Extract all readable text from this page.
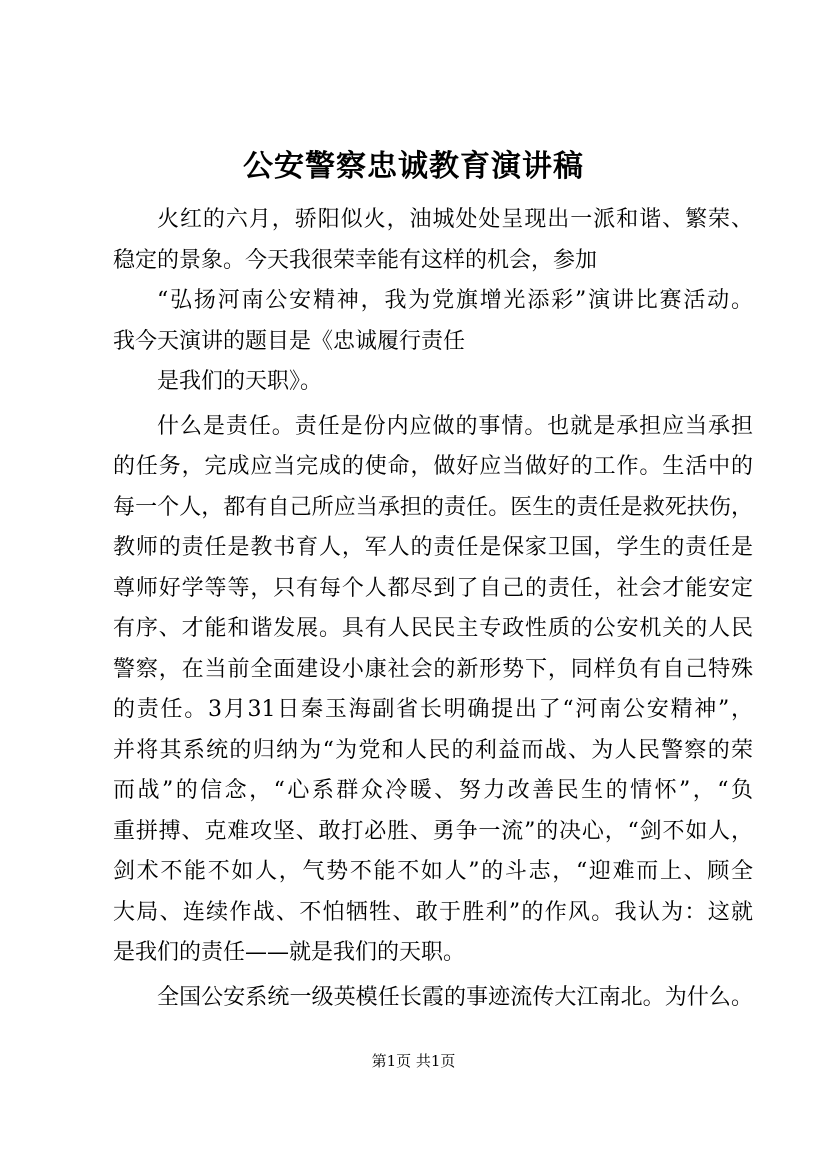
公安警察忠诚教育演讲稿
火红的六月，骄阳似火，油城处处呈现出一派和谐、繁荣、
稳定的景象。今天我很荣幸能有这样的机会，参加
“弘扬河南公安精神，我为党旗增光添彩”演讲比赛活动。
我今天演讲的题目是《忠诚履行责任
是我们的天职》。
什么是责任。责任是份内应做的事情。也就是承担应当承担
的任务，完成应当完成的使命，做好应当做好的工作。生活中的
每一个人，都有自己所应当承担的责任。医生的责任是救死扶伤，
教师的责任是教书育人，军人的责任是保家卫国，学生的责任是
尊师好学等等，只有每个人都尽到了自己的责任，社会才能安定
有序、才能和谐发展。具有人民民主专政性质的公安机关的人民
警察，在当前全面建设小康社会的新形势下，同样负有自己特殊
的责任。3月31日秦玉海副省长明确提出了“河南公安精神”，
并将其系统的归纳为“为党和人民的利益而战、为人民警察的荣
而战”的信念，“心系群众冷暖、努力改善民生的情怀”，“负
重拼搏、克难攻坚、敢打必胜、勇争一流”的决心，“剑不如人，
剑术不能不如人，气势不能不如人”的斗志，“迎难而上、顾全
大局、连续作战、不怕牺牲、敢于胜利”的作风。我认为：这就
是我们的责任——就是我们的天职。
全国公安系统一级英模任长霞的事迹流传大江南北。为什么。
第1页 共1页
